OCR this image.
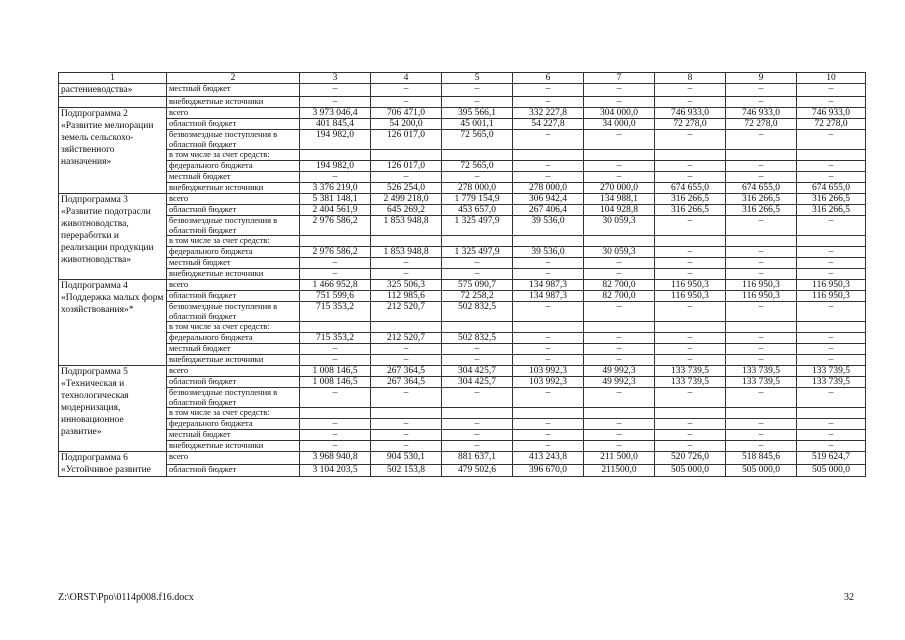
1	2	3	4	5	6	7	8	9	10
растениеводства»	местный бюджет	–	–	–	–	–	–	–	–
	внебюджетные источники	–	–	–	–	–	–	–	–
Подпрограмма 2 «Развитие мелиорации земель сельскохо-зяйственного назначения»	всего	3 973 046,4	706 471,0	395 566,1	332 227,8	304 000,0	746 933,0	746 933,0	746 933,0
	областной бюджет	401 845,4	54 200,0	45 001,1	54 227,8	34 000,0	72 278,0	72 278,0	72 278,0
	безвозмездные поступления в областной бюджет	194 982,0	126 017,0	72 565,0	–	–	–	–	–
	в том числе за счет средств:								
	федерального бюджета	194 982,0	126 017,0	72 565,0	–	–	–	–	–
	местный бюджет	–	–	–	–	–	–	–	–
	внебюджетные источники	3 376 219,0	526 254,0	278 000,0	278 000,0	270 000,0	674 655,0	674 655,0	674 655,0
Подпрограмма 3 «Развитие подотрасли животноводства, переработки и реализации продукции животноводства»	всего	5 381 148,1	2 499 218,0	1 779 154,9	306 942,4	134 988,1	316 266,5	316 266,5	316 266,5
	областной бюджет	2 404 561,9	645 269,2	453 657,0	267 406,4	104 928,8	316 266,5	316 266,5	316 266,5
	безвозмездные поступления в областной бюджет	2 976 586,2	1 853 948,8	1 325 497,9	39 536,0	30 059,3	–	–	–
	в том числе за счет средств:								
	федерального бюджета	2 976 586,2	1 853 948,8	1 325 497,9	39 536,0	30 059,3	–	–	–
	местный бюджет	–	–	–	–	–	–	–	–
	внебюджетные источники	–	–	–	–	–	–	–	–
Подпрограмма 4 «Поддержка малых форм хозяйствования»*	всего	1 466 952,8	325 506,3	575 090,7	134 987,3	82 700,0	116 950,3	116 950,3	116 950,3
	областной бюджет	751 599,6	112 985,6	72 258,2	134 987,3	82 700,0	116 950,3	116 950,3	116 950,3
	безвозмездные поступления в областной бюджет	715 353,2	212 520,7	502 832,5	–	–	–	–	–
	в том числе за счет средств:								
	федерального бюджета	715 353,2	212 520,7	502 832,5	–	–	–	–	–
	местный бюджет	–	–	–	–	–	–	–	–
	внебюджетные источники	–	–	–	–	–	–	–	–
Подпрограмма 5 «Техническая и технологическая модернизация, инновационное развитие»	всего	1 008 146,5	267 364,5	304 425,7	103 992,3	49 992,3	133 739,5	133 739,5	133 739,5
	областной бюджет	1 008 146,5	267 364,5	304 425,7	103 992,3	49 992,3	133 739,5	133 739,5	133 739,5
	безвозмездные поступления в областной бюджет	–	–	–	–	–	–	–	–
	в том числе за счет средств:								
	федерального бюджета	–	–	–	–	–	–	–	–
	местный бюджет	–	–	–	–	–	–	–	–
	внебюджетные источники	–	–	–	–	–	–	–	–
Подпрограмма 6 «Устойчивое развитие	всего	3 968 940,8	904 530,1	881 637,1	413 243,8	211 500,0	520 726,0	518 845,6	519 624,7
	областной бюджет	3 104 203,5	502 153,8	479 502,6	396 670,0	211500,0	505 000,0	505 000,0	505 000,0
Z:\ORST\Ppo\0114p008.f16.docx	32
